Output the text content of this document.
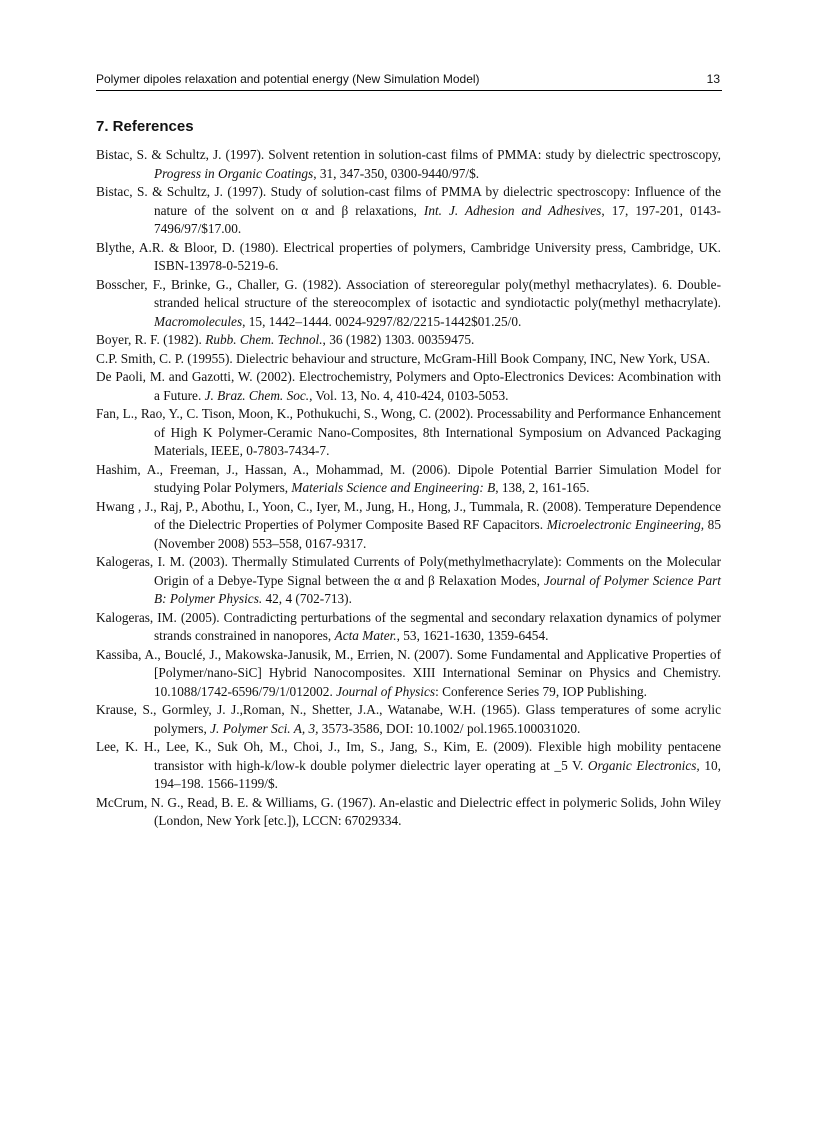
Polymer dipoles relaxation and potential energy (New Simulation Model)	13
7. References

Bistac, S. & Schultz, J. (1997). Solvent retention in solution-cast films of PMMA: study by dielectric spectroscopy, Progress in Organic Coatings, 31, 347-350, 0300-9440/97/$.

Bistac, S. & Schultz, J. (1997). Study of solution-cast films of PMMA by dielectric spectroscopy: Influence of the nature of the solvent on α and β relaxations, Int. J. Adhesion and Adhesives, 17, 197-201, 0143-7496/97/$17.00.

Blythe, A.R. & Bloor, D. (1980). Electrical properties of polymers, Cambridge University press, Cambridge, UK. ISBN-13978-0-5219-6.

Bosscher, F., Brinke, G., Challer, G. (1982). Association of stereoregular poly(methyl methacrylates). 6. Double-stranded helical structure of the stereocomplex of isotactic and syndiotactic poly(methyl methacrylate). Macromolecules, 15, 1442–1444. 0024-9297/82/2215-1442$01.25/0.

Boyer, R. F. (1982). Rubb. Chem. Technol., 36 (1982) 1303. 00359475.

C.P. Smith, C. P. (19955). Dielectric behaviour and structure, McGram-Hill Book Company, INC, New York, USA.

De Paoli, M. and Gazotti, W. (2002). Electrochemistry, Polymers and Opto-Electronics Devices: Acombination with a Future. J. Braz. Chem. Soc., Vol. 13, No. 4, 410-424, 0103-5053.

Fan, L., Rao, Y., C. Tison, Moon, K., Pothukuchi, S., Wong, C. (2002). Processability and Performance Enhancement of High K Polymer-Ceramic Nano-Composites, 8th International Symposium on Advanced Packaging Materials, IEEE, 0-7803-7434-7.

Hashim, A., Freeman, J., Hassan, A., Mohammad, M. (2006). Dipole Potential Barrier Simulation Model for studying Polar Polymers, Materials Science and Engineering: B, 138, 2, 161-165.

Hwang , J., Raj, P., Abothu, I., Yoon, C., Iyer, M., Jung, H., Hong, J., Tummala, R. (2008). Temperature Dependence of the Dielectric Properties of Polymer Composite Based RF Capacitors. Microelectronic Engineering, 85 (November 2008) 553–558, 0167-9317.

Kalogeras, I. M. (2003). Thermally Stimulated Currents of Poly(methylmethacrylate): Comments on the Molecular Origin of a Debye-Type Signal between the α and β Relaxation Modes, Journal of Polymer Science Part B: Polymer Physics. 42, 4 (702-713).

Kalogeras, IM. (2005). Contradicting perturbations of the segmental and secondary relaxation dynamics of polymer strands constrained in nanopores, Acta Mater., 53, 1621-1630, 1359-6454.

Kassiba, A., Bouclé, J., Makowska-Janusik, M., Errien, N. (2007). Some Fundamental and Applicative Properties of [Polymer/nano-SiC] Hybrid Nanocomposites. XIII International Seminar on Physics and Chemistry. 10.1088/1742-6596/79/1/012002. Journal of Physics: Conference Series 79, IOP Publishing.

Krause, S., Gormley, J. J.,Roman, N., Shetter, J.A., Watanabe, W.H. (1965). Glass temperatures of some acrylic polymers, J. Polymer Sci. A, 3, 3573-3586, DOI: 10.1002/ pol.1965.100031020.

Lee, K. H., Lee, K., Suk Oh, M., Choi, J., Im, S., Jang, S., Kim, E. (2009). Flexible high mobility pentacene transistor with high-k/low-k double polymer dielectric layer operating at _5 V. Organic Electronics, 10, 194–198. 1566-1199/$.

McCrum, N. G., Read, B. E. & Williams, G. (1967). An-elastic and Dielectric effect in polymeric Solids, John Wiley (London, New York [etc.]), LCCN: 67029334.
